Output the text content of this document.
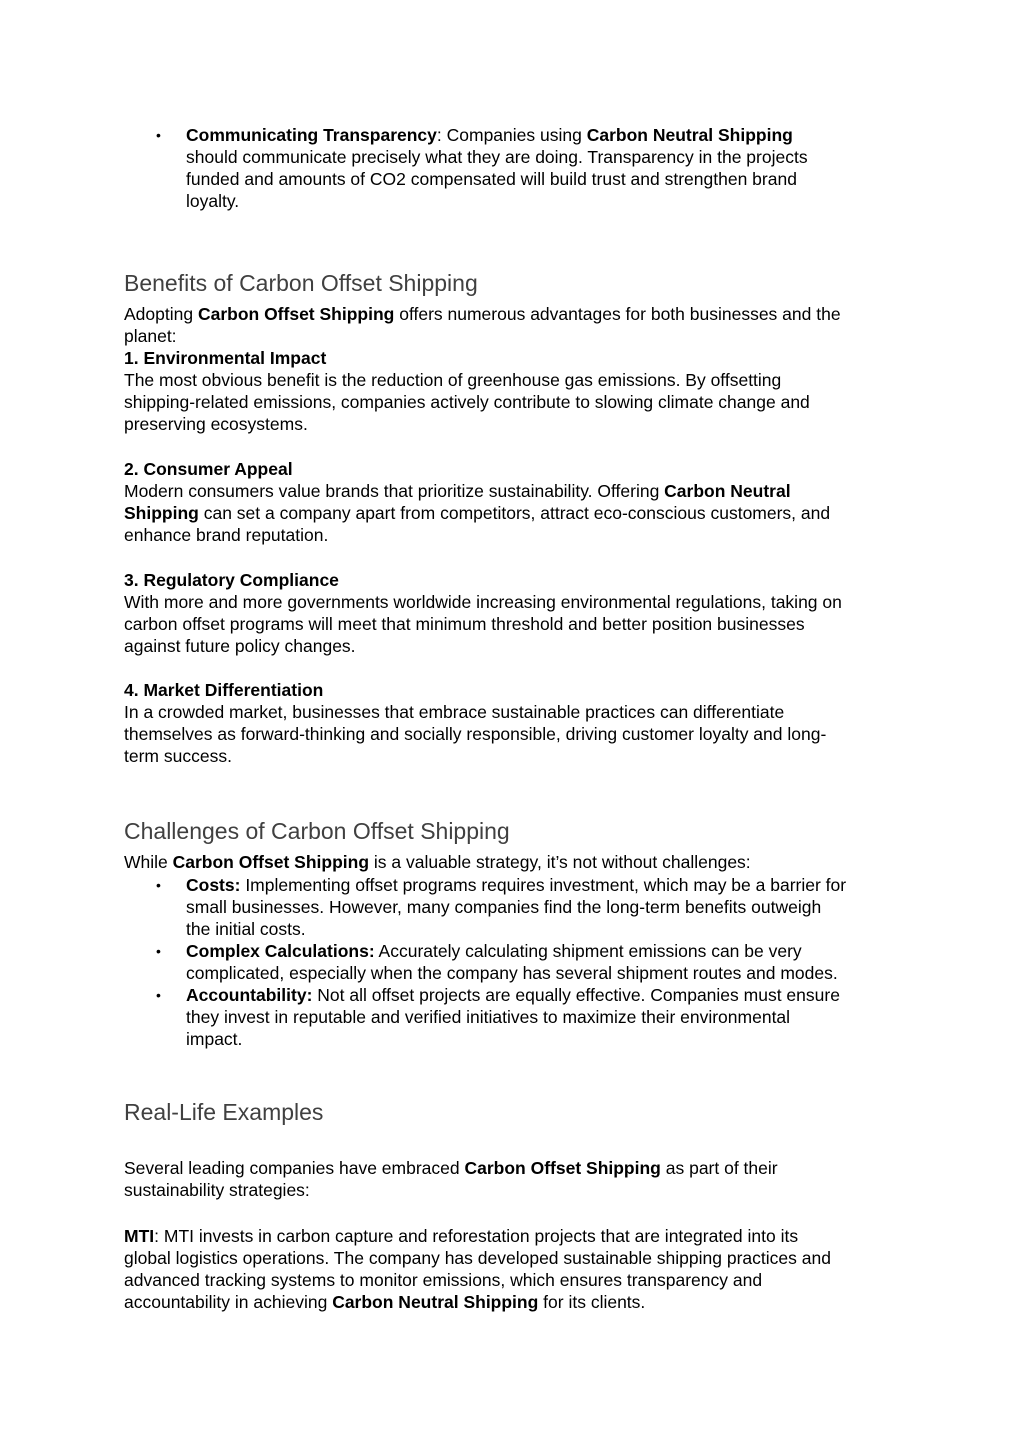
• Communicating Transparency: Companies using Carbon Neutral Shipping

should communicate precisely what they are doing. Transparency in the projects

funded and amounts of CO2 compensated will build trust and strengthen brand

loyalty.

Benefits of Carbon Offset Shipping

Adopting Carbon Offset Shipping offers numerous advantages for both businesses and the

planet:

1. Environmental Impact

The most obvious benefit is the reduction of greenhouse gas emissions. By offsetting

shipping-related emissions, companies actively contribute to slowing climate change and

preserving ecosystems.

2. Consumer Appeal

Modern consumers value brands that prioritize sustainability. Offering Carbon Neutral

Shipping can set a company apart from competitors, attract eco-conscious customers, and

enhance brand reputation.

3. Regulatory Compliance

With more and more governments worldwide increasing environmental regulations, taking on

carbon offset programs will meet that minimum threshold and better position businesses

against future policy changes.

4. Market Differentiation

In a crowded market, businesses that embrace sustainable practices can differentiate

themselves as forward-thinking and socially responsible, driving customer loyalty and long-

term success.

Challenges of Carbon Offset Shipping

While Carbon Offset Shipping is a valuable strategy, it’s not without challenges:

• Costs: Implementing offset programs requires investment, which may be a barrier for

small businesses. However, many companies find the long-term benefits outweigh

the initial costs.

• Complex Calculations: Accurately calculating shipment emissions can be very

complicated, especially when the company has several shipment routes and modes.

• Accountability: Not all offset projects are equally effective. Companies must ensure

they invest in reputable and verified initiatives to maximize their environmental

impact.

Real-Life Examples

Several leading companies have embraced Carbon Offset Shipping as part of their

sustainability strategies:

MTI: MTI invests in carbon capture and reforestation projects that are integrated into its

global logistics operations. The company has developed sustainable shipping practices and

advanced tracking systems to monitor emissions, which ensures transparency and

accountability in achieving Carbon Neutral Shipping for its clients.
